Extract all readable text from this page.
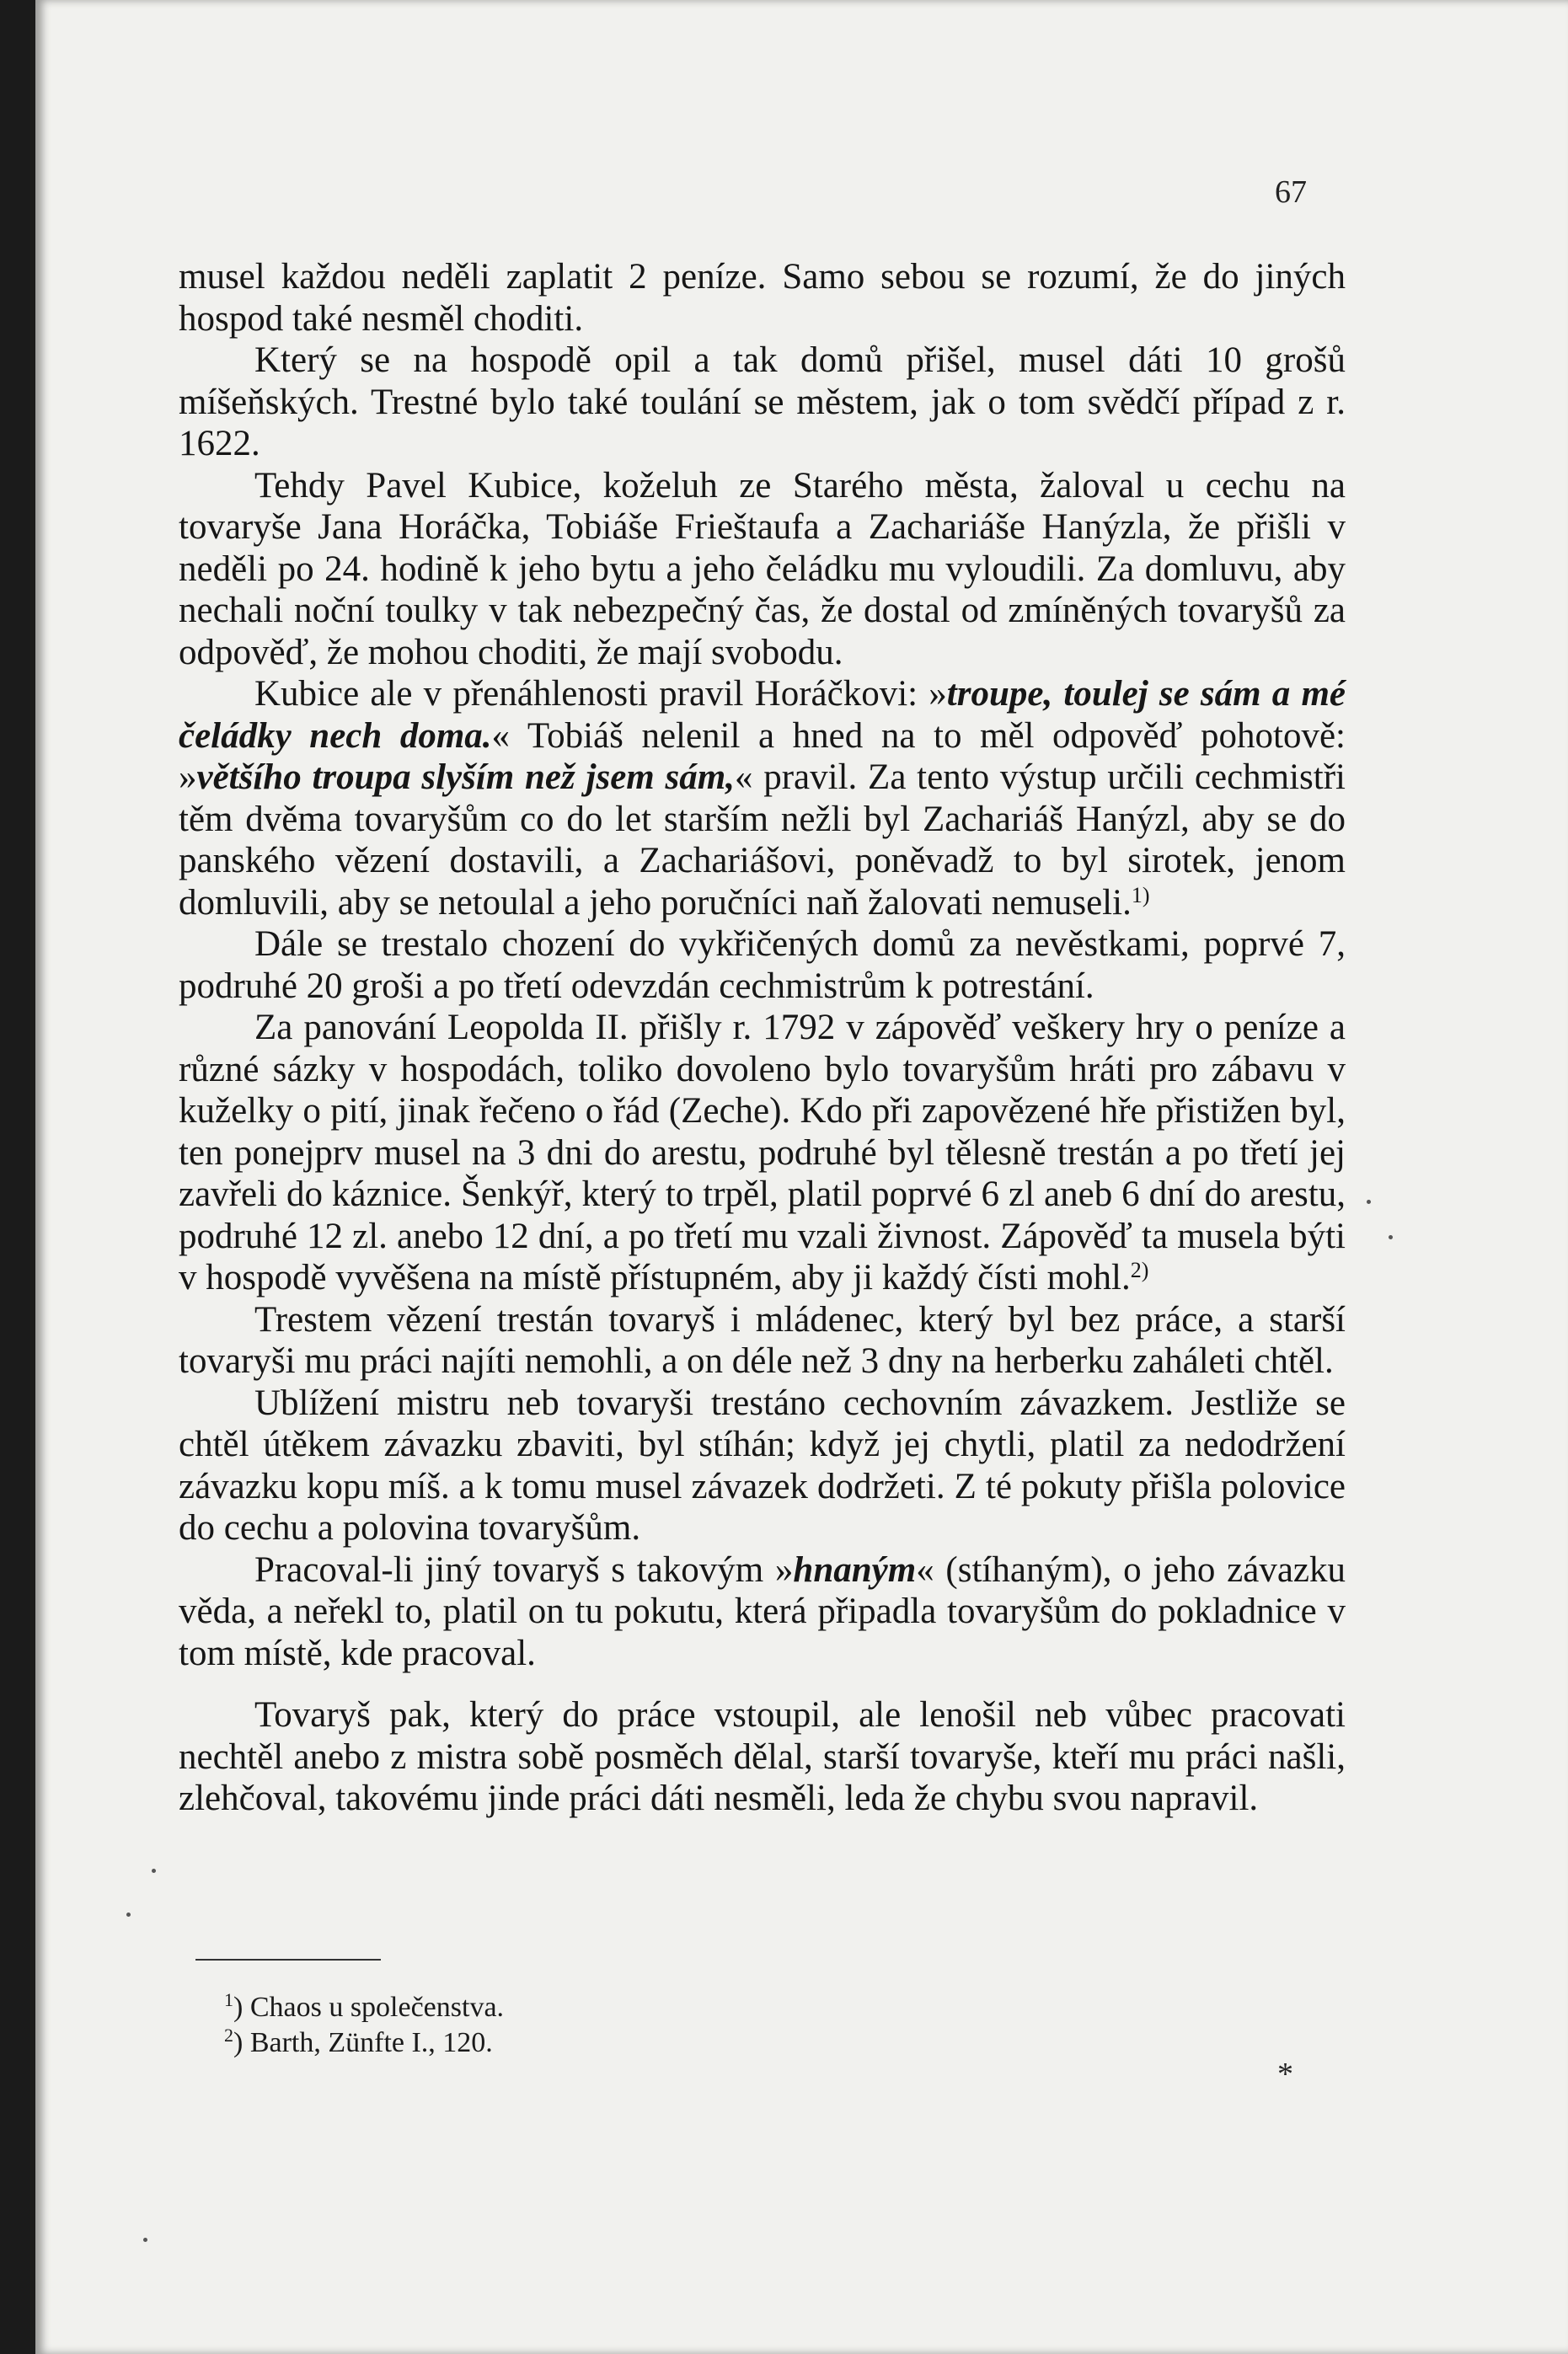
67

musel každou neděli zaplatit 2 peníze. Samo sebou se rozumí, že do jiných hospod také nesměl choditi.

Který se na hospodě opil a tak domů přišel, musel dáti 10 grošů míšeňských. Trestné bylo také toulání se městem, jak o tom svědčí případ z r. 1622.

Tehdy Pavel Kubice, koželuh ze Starého města, žaloval u cechu na tovaryše Jana Horáčka, Tobiáše Frieštaufa a Zachariáše Hanýzla, že přišli v neděli po 24. hodině k jeho bytu a jeho čeládku mu vyloudili. Za domluvu, aby nechali noční toulky v tak nebezpečný čas, že dostal od zmíněných tovaryšů za odpověď, že mohou choditi, že mají svobodu.

Kubice ale v přenáhlenosti pravil Horáčkovi: »troupe, toulej se sám a mé čeládky nech doma.« Tobiáš nelenil a hned na to měl odpověď pohotově: »většího troupa slyším než jsem sám,« pravil. Za tento výstup určili cechmistři těm dvěma tovaryšům co do let starším nežli byl Zachariáš Hanýzl, aby se do panského vězení dostavili, a Zachariášovi, poněvadž to byl sirotek, jenom domluvili, aby se netoulal a jeho poručníci naň žalovati nemuseli.$^{1)}$

Dále se trestalo chození do vykřičených domů za nevěstkami, poprvé 7, podruhé 20 groši a po třetí odevzdán cechmistrům k potrestání.

Za panování Leopolda II. přišly r. 1792 v zápověď veškery hry o peníze a různé sázky v hospodách, toliko dovoleno bylo tovaryšům hráti pro zábavu v kuželky o pití, jinak řečeno o řád (Zeche). Kdo při zapovězené hře přistižen byl, ten ponejprv musel na 3 dni do arestu, podruhé byl tělesně trestán a po třetí jej zavřeli do káznice. Šenkýř, který to trpěl, platil poprvé 6 zl aneb 6 dní do arestu, podruhé 12 zl. anebo 12 dní, a po třetí mu vzali živnost. Zápověď ta musela býti v hospodě vyvěšena na místě přístupném, aby ji každý čísti mohl.$^{2)}$

Trestem vězení trestán tovaryš i mládenec, který byl bez práce, a starší tovaryši mu práci najíti nemohli, a on déle než 3 dny na herberku zaháleti chtěl.

Ublížení mistru neb tovaryši trestáno cechovním závazkem. Jestliže se chtěl útěkem závazku zbaviti, byl stíhán; když jej chytli, platil za nedodržení závazku kopu míš. a k tomu musel závazek dodržeti. Z té pokuty přišla polovice do cechu a polovina tovaryšům.

Pracoval-li jiný tovaryš s takovým »hnaným« (stíhaným), o jeho závazku věda, a neřekl to, platil on tu pokutu, která připadla tovaryšům do pokladnice v tom místě, kde pracoval.

Tovaryš pak, který do práce vstoupil, ale lenošil neb vůbec pracovati nechtěl anebo z mistra sobě posměch dělal, starší tovaryše, kteří mu práci našli, zlehčoval, takovému jinde práci dáti nesměli, leda že chybu svou napravil.

$^1$) Chaos u společenstva.

$^2$) Barth, Zünfte I., 120.

*
